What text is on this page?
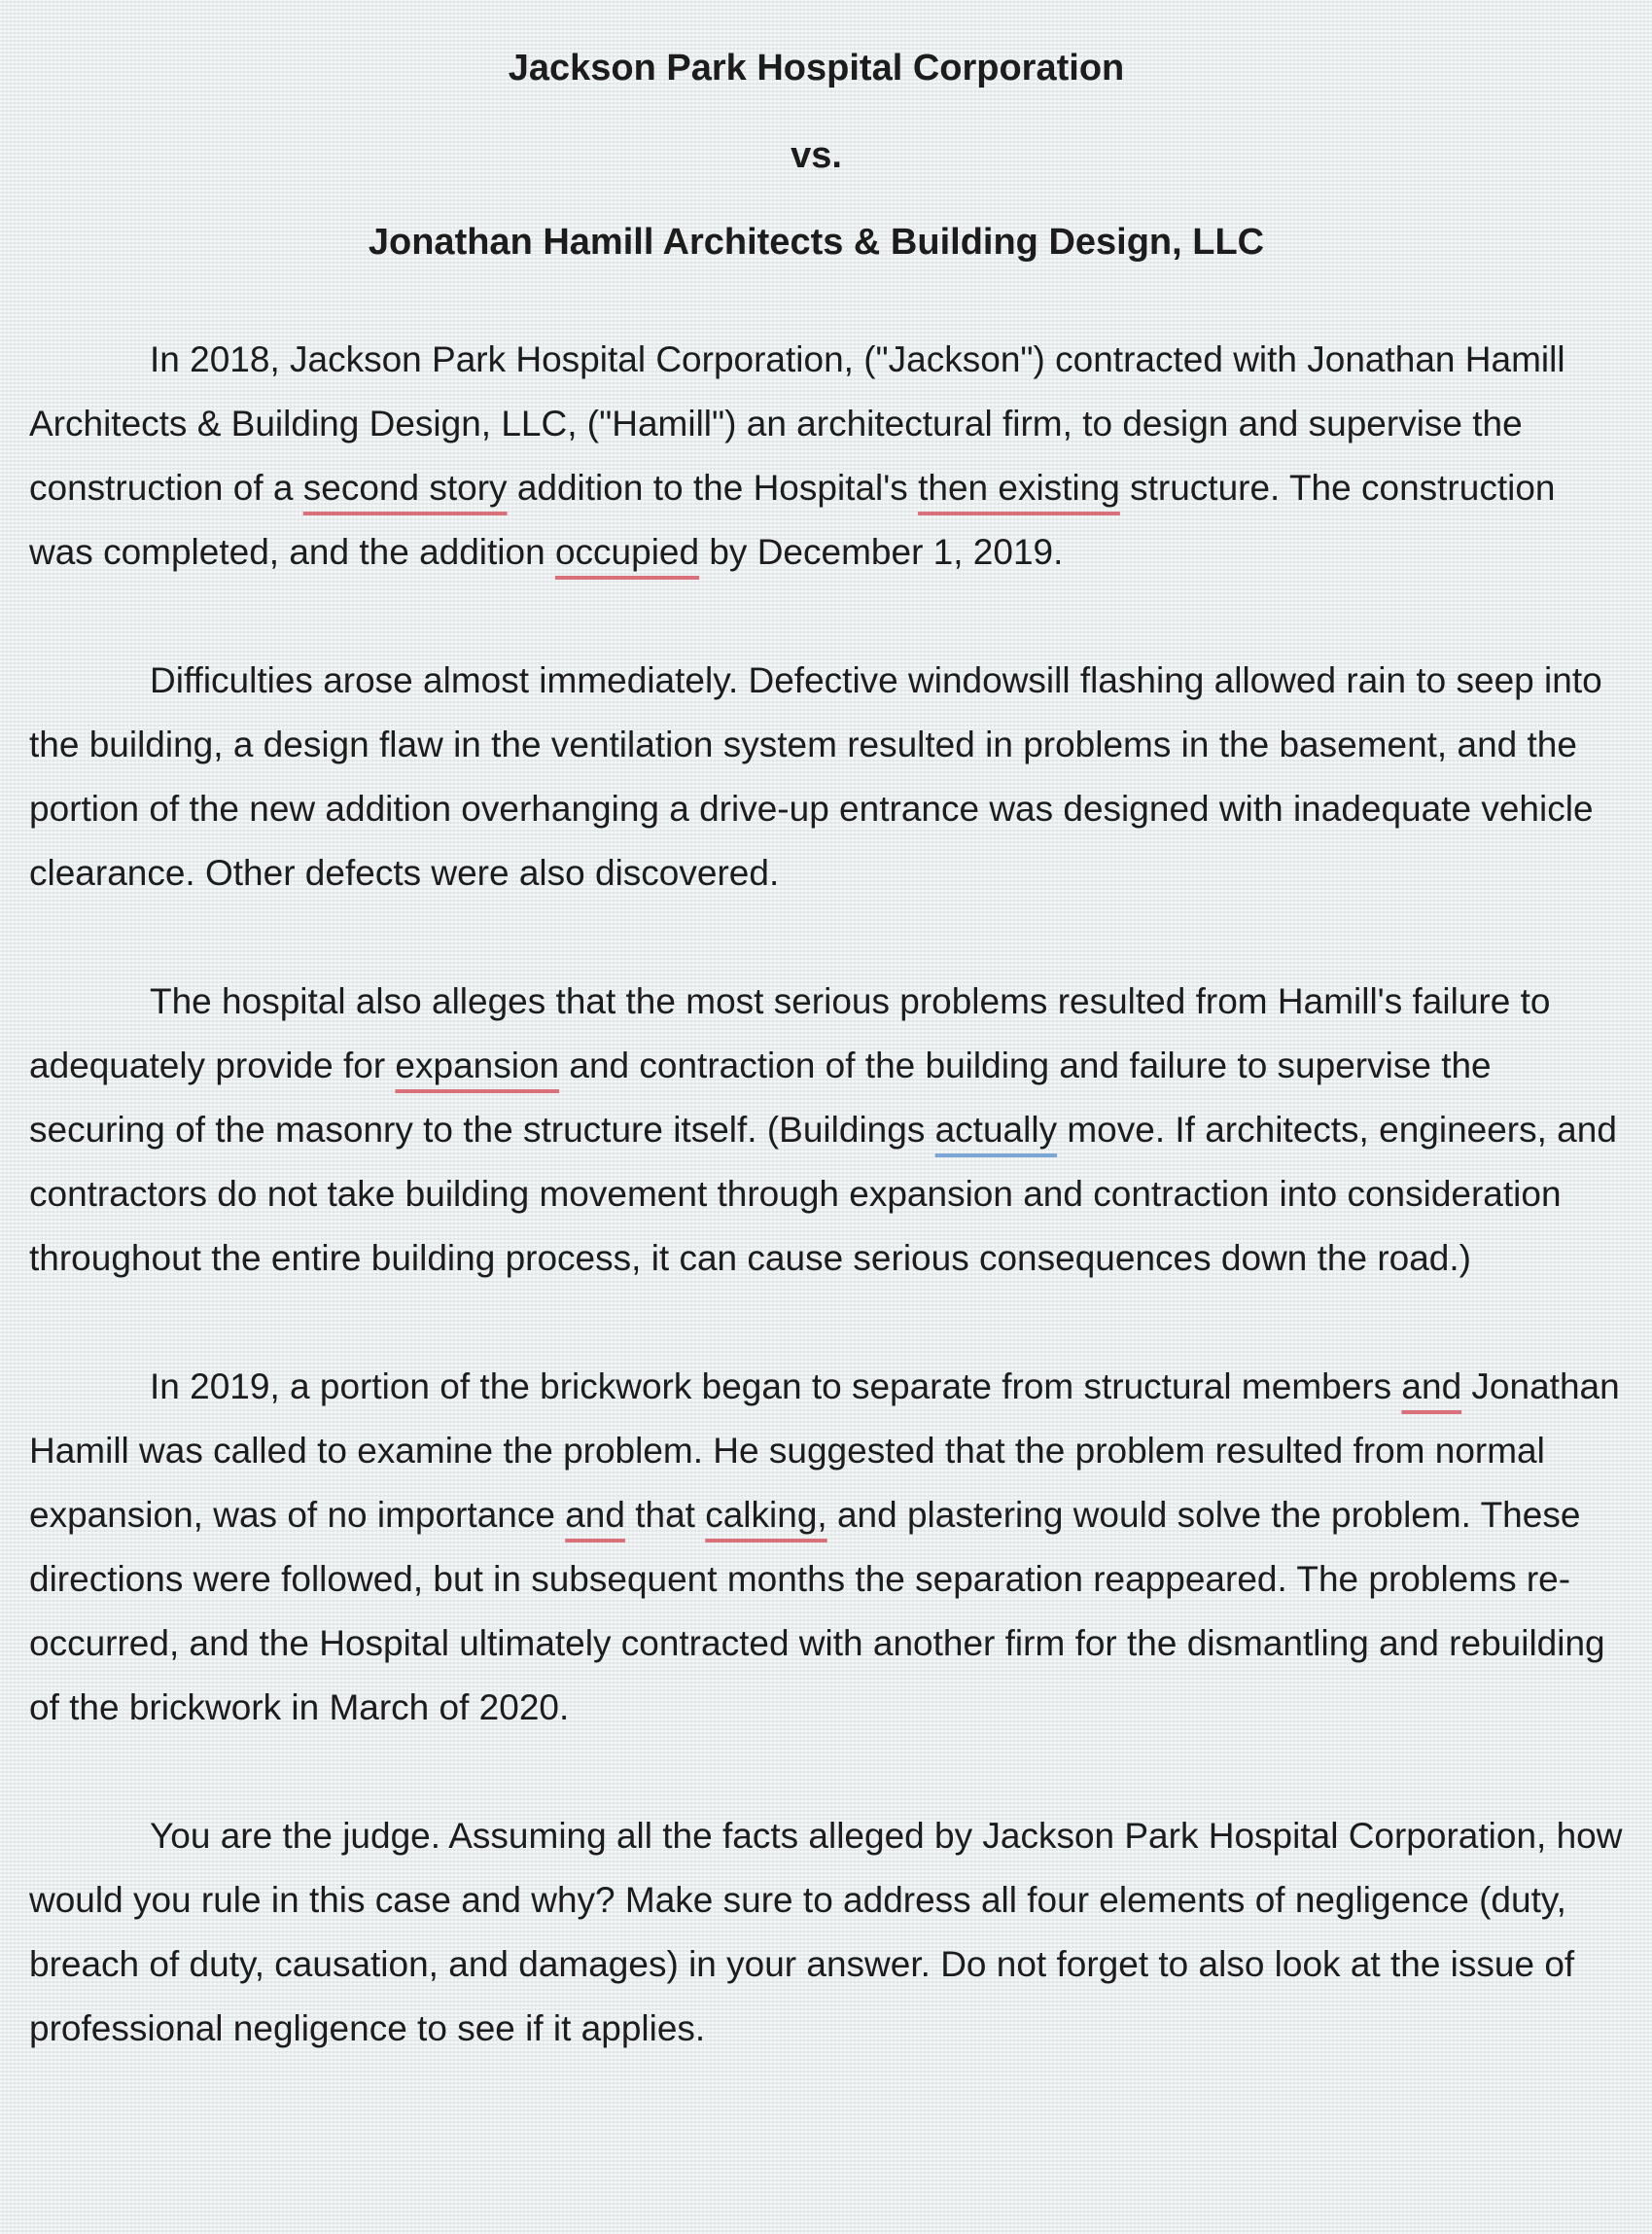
Jackson Park Hospital Corporation
vs.
Jonathan Hamill Architects & Building Design, LLC

In 2018, Jackson Park Hospital Corporation, ("Jackson") contracted with Jonathan Hamill Architects & Building Design, LLC, ("Hamill") an architectural firm, to design and supervise the construction of a second story addition to the Hospital's then existing structure. The construction was completed, and the addition occupied by December 1, 2019.

Difficulties arose almost immediately. Defective windowsill flashing allowed rain to seep into the building, a design flaw in the ventilation system resulted in problems in the basement, and the portion of the new addition overhanging a drive-up entrance was designed with inadequate vehicle clearance. Other defects were also discovered.

The hospital also alleges that the most serious problems resulted from Hamill's failure to adequately provide for expansion and contraction of the building and failure to supervise the securing of the masonry to the structure itself. (Buildings actually move. If architects, engineers, and contractors do not take building movement through expansion and contraction into consideration throughout the entire building process, it can cause serious consequences down the road.)

In 2019, a portion of the brickwork began to separate from structural members and Jonathan Hamill was called to examine the problem. He suggested that the problem resulted from normal expansion, was of no importance and that calking, and plastering would solve the problem. These directions were followed, but in subsequent months the separation reappeared. The problems re-occurred, and the Hospital ultimately contracted with another firm for the dismantling and rebuilding of the brickwork in March of 2020.

You are the judge. Assuming all the facts alleged by Jackson Park Hospital Corporation, how would you rule in this case and why? Make sure to address all four elements of negligence (duty, breach of duty, causation, and damages) in your answer. Do not forget to also look at the issue of professional negligence to see if it applies.
